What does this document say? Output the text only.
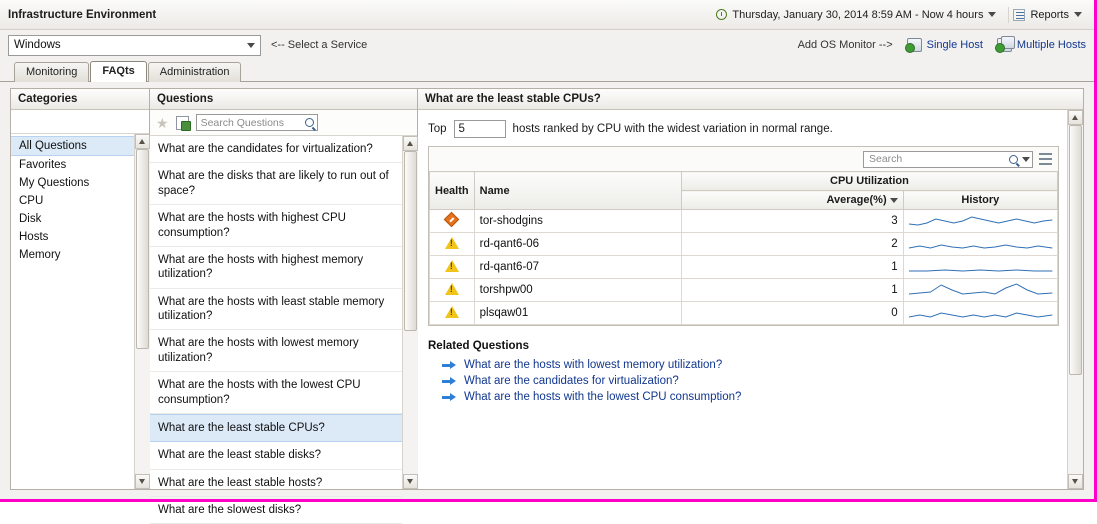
Infrastructure Environment	Thursday, January 30, 2014 8:59 AM - Now 4 hours	Reports
Windows	<-- Select a Service	Add OS Monitor -->	Single Host	Multiple Hosts
Monitoring	FAQts	Administration
Categories
All Questions
Favorites
My Questions
CPU
Disk
Hosts
Memory
Questions
★	Search Questions
What are the candidates for virtualization?
What are the disks that are likely to run out of space?
What are the hosts with highest CPU consumption?
What are the hosts with highest memory utilization?
What are the hosts with least stable memory utilization?
What are the hosts with lowest memory utilization?
What are the hosts with the lowest CPU consumption?
What are the least stable CPUs?
What are the least stable disks?
What are the least stable hosts?
What are the slowest disks?
What are the least stable CPUs?
Top	5	hosts ranked by CPU with the widest variation in normal range.
Search
Health	Name	CPU Utilization	
		Average(%)	History
	tor-shodgins	3	

!	rd-qant6-06	2	

!	rd-qant6-07	1	

!	torshpw00	1	

!	plsqaw01	0	
Related Questions
What are the hosts with lowest memory utilization?
What are the candidates for virtualization?
What are the hosts with the lowest CPU consumption?
